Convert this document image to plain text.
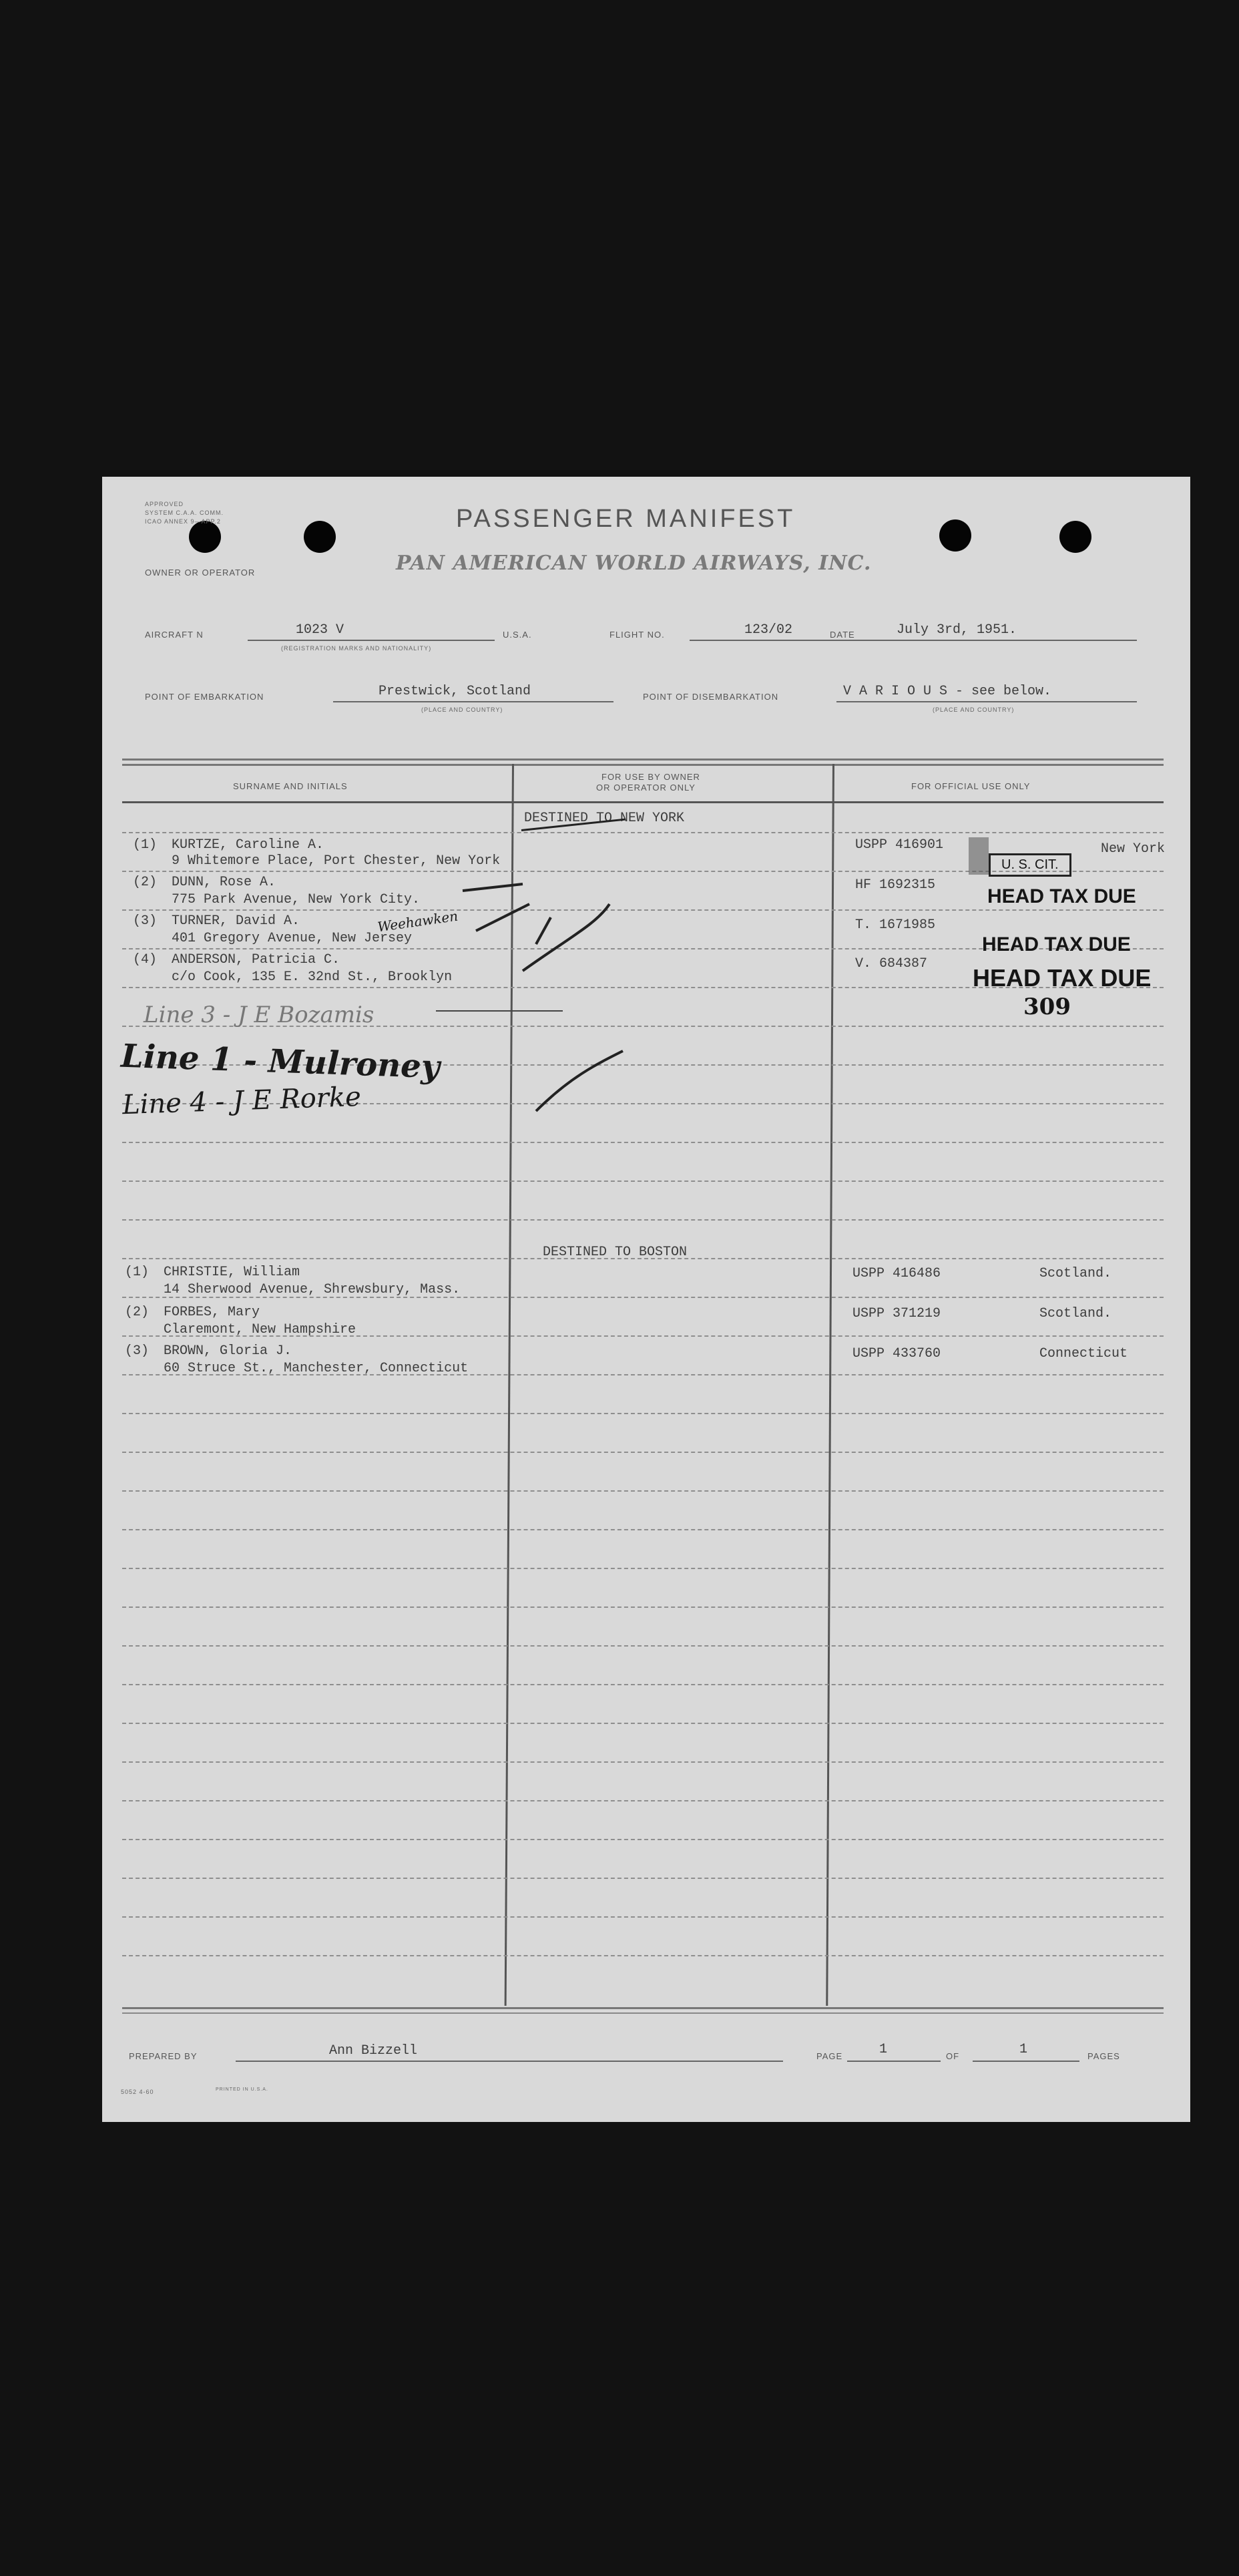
APPROVED
SYSTEM C.A.A. COMM.
ICAO ANNEX 9—APP.2	PASSENGER MANIFEST
PAN AMERICAN WORLD AIRWAYS, INC.
OWNER OR OPERATOR
AIRCRAFT N	1023 V
(REGISTRATION MARKS AND NATIONALITY)
U.S.A.	FLIGHT NO.	123/02	DATE	July 3rd, 1951.
POINT OF EMBARKATION	Prestwick, Scotland
(PLACE AND COUNTRY)
POINT OF DISEMBARKATION	V A R I O U S - see below.
(PLACE AND COUNTRY)
SURNAME AND INITIALS
FOR USE BY OWNER
OR OPERATOR ONLY	FOR OFFICIAL USE ONLY
DESTINED TO NEW YORK
(1) KURTZE, Caroline A.
9 Whitemore Place, Port Chester, New York
USPP 416901	New York
(2) DUNN, Rose A.
775 Park Avenue, New York City.
HF 1692315
(3) TURNER, David A.
401 Gregory Avenue, New Jersey
T. 1671985
(4) ANDERSON, Patricia C.
c/o Cook, 135 E. 32nd St., Brooklyn
V. 684387
U. S. CIT.
HEAD TAX DUE
HEAD TAX DUE
HEAD TAX DUE
309
Weehawken
Line 3 - J E Bozamis
Line 1 - Mulroney
Line 4 - J E Rorke
DESTINED TO BOSTON
(1) CHRISTIE, William
14 Sherwood Avenue, Shrewsbury, Mass.
USPP 416486	Scotland.
(2) FORBES, Mary
Claremont, New Hampshire
USPP 371219	Scotland.
(3) BROWN, Gloria J.
60 Struce St., Manchester, Connecticut
USPP 433760	Connecticut
PREPARED BY	Ann Bizzell	PAGE	1	OF	1	PAGES
5052 4-60	PRINTED IN U.S.A.
